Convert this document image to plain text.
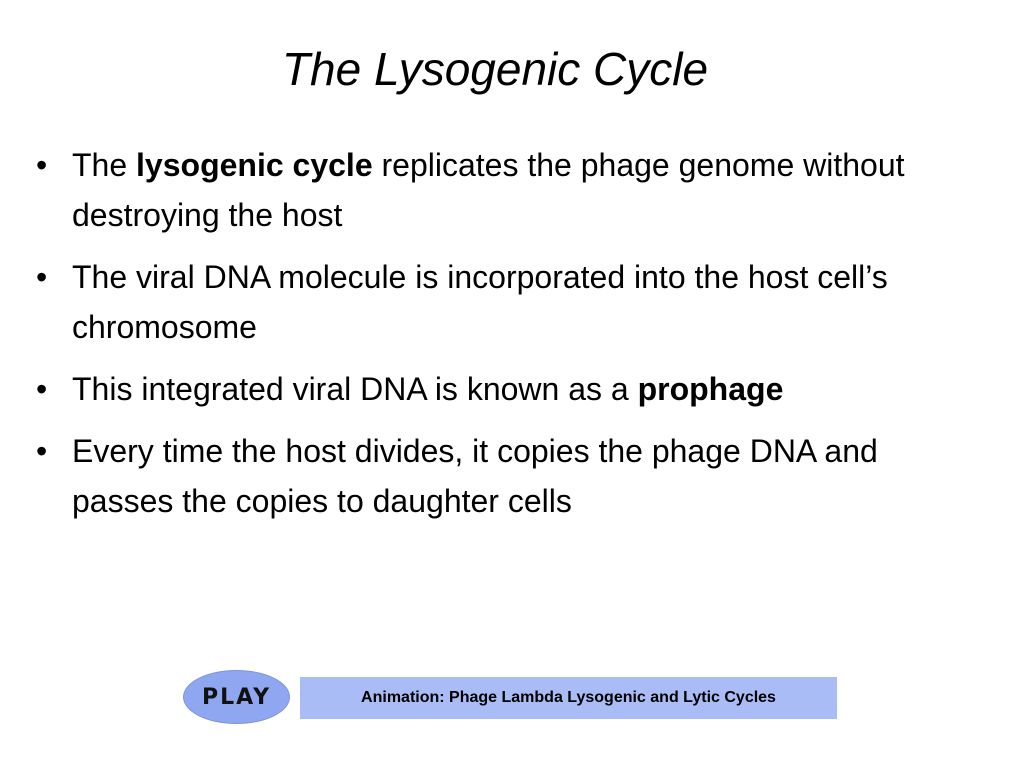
The Lysogenic Cycle
• The lysogenic cycle replicates the phage genome without destroying the host
• The viral DNA molecule is incorporated into the host cell’s chromosome
• This integrated viral DNA is known as a prophage
• Every time the host divides, it copies the phage DNA and passes the copies to daughter cells
PLAY	Animation: Phage Lambda Lysogenic and Lytic Cycles
